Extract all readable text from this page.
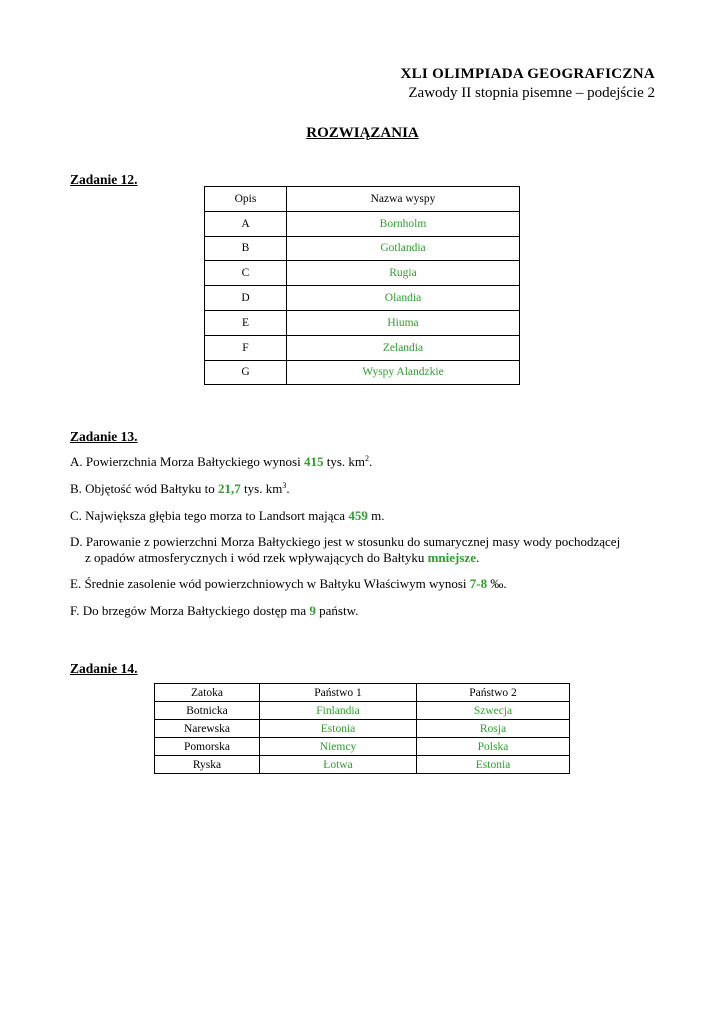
XLI OLIMPIADA GEOGRAFICZNA
Zawody II stopnia pisemne – podejście 2
ROZWIĄZANIA
Zadanie 12.
Opis	Nazwa wyspy
A	Bornholm
B	Gotlandia
C	Rugia
D	Olandia
E	Hiuma
F	Zelandia
G	Wyspy Alandzkie
Zadanie 13.
A. Powierzchnia Morza Bałtyckiego wynosi 415 tys. $km^2$.
B. Objętość wód Bałtyku to 21,7 tys. $km^3$.
C. Największa głębia tego morza to Landsort mająca 459 m.
D. Parowanie z powierzchni Morza Bałtyckiego jest w stosunku do sumarycznej masy wody pochodzącej
z opadów atmosferycznych i wód rzek wpływających do Bałtyku mniejsze.
E. Średnie zasolenie wód powierzchniowych w Bałtyku Właściwym wynosi 7-8 ‰.
F. Do brzegów Morza Bałtyckiego dostęp ma 9 państw.
Zadanie 14.
Zatoka	Państwo 1	Państwo 2
Botnicka	Finlandia	Szwecja
Narewska	Estonia	Rosja
Pomorska	Niemcy	Polska
Ryska	Łotwa	Estonia
